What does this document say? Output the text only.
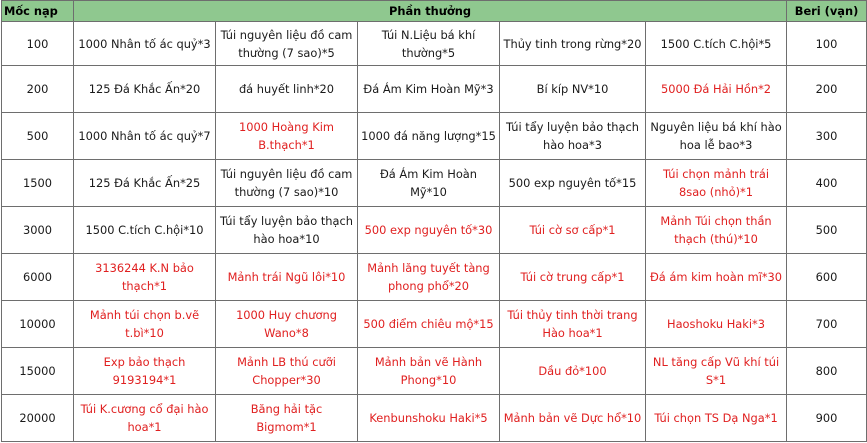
Mốc nạp	Phần thưởng					Beri (vạn)
100	1000 Nhân tố ác quỷ*3	Túi nguyên liệu đồ cam thường (7 sao)*5	Túi N.Liệu bá khí thường*5	Thủy tinh trong rừng*20	1500 C.tích C.hội*5	100
200	125 Đá Khắc Ấn*20	đá huyết linh*20	Đá Ám Kim Hoàn Mỹ*3	Bí kíp NV*10	5000 Đá Hải Hồn*2	200
500	1000 Nhân tố ác quỷ*7	1000 Hoàng Kim B.thạch*1	1000 đá năng lượng*15	Túi tẩy luyện bảo thạch hào hoa*3	Nguyên liệu bá khí hào hoa lễ bao*3	300
1500	125 Đá Khắc Ấn*25	Túi nguyên liệu đồ cam thường (7 sao)*10	Đá Ám Kim Hoàn Mỹ*10	500 exp nguyên tố*15	Túi chọn mảnh trái 8sao (nhỏ)*1	400
3000	1500 C.tích C.hội*10	Túi tẩy luyện bảo thạch hào hoa*10	500 exp nguyên tố*30	Túi cờ sơ cấp*1	Mảnh Túi chọn thần thạch (thú)*10	500
6000	3136244 K.N bảo thạch*1	Mảnh trái Ngũ lôi*10	Mảnh lăng tuyết tàng phong phổ*20	Túi cờ trung cấp*1	Đá ám kim hoàn mĩ*30	600
10000	Mảnh túi chọn b.vẽ t.bì*10	1000 Huy chương Wano*8	500 điểm chiêu mộ*15	Túi thủy tinh thời trang Hào hoa*1	Haoshoku Haki*3	700
15000	Exp bảo thạch 9193194*1	Mảnh LB thú cưỡi Chopper*30	Mảnh bản vẽ Hành Phong*10	Dầu đỏ*100	NL tăng cấp Vũ khí túi S*1	800
20000	Túi K.cương cổ đại hào hoa*1	Băng hải tặc Bigmom*1	Kenbunshoku Haki*5	Mảnh bản vẽ Dực hổ*10	Túi chọn TS Dạ Nga*1	900
